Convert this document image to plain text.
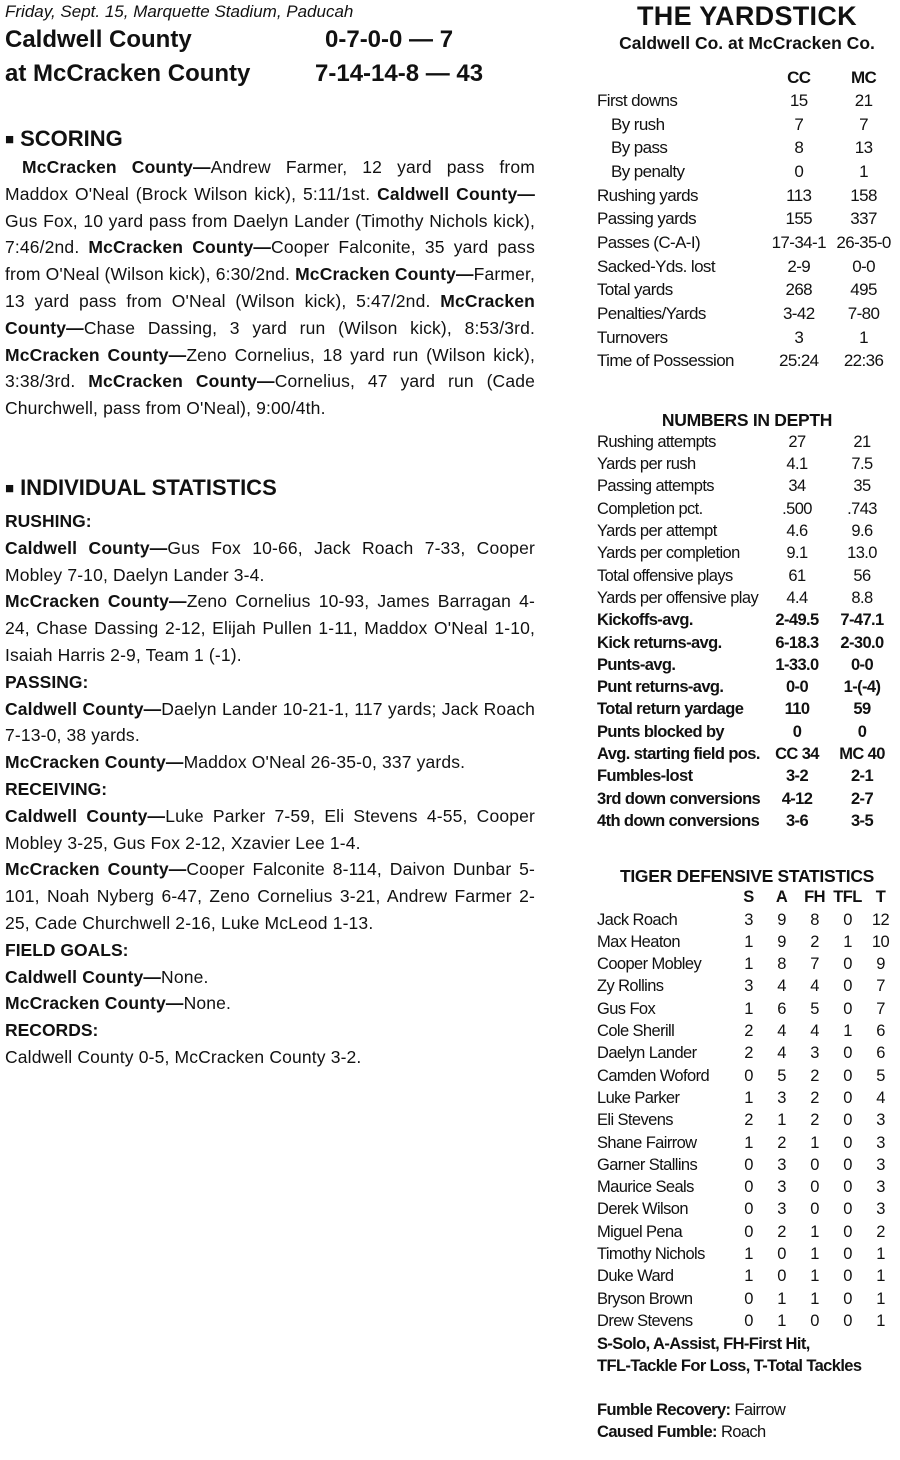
Friday, Sept. 15, Marquette Stadium, Paducah
Caldwell County	0-7-0-0 — 7
at McCracken County	7-14-14-8 — 43
■ SCORING
McCracken County—Andrew Farmer, 12 yard pass from Maddox O'Neal (Brock Wilson kick), 5:11/1st. Caldwell County—Gus Fox, 10 yard pass from Daelyn Lander (Timothy Nichols kick), 7:46/2nd. McCracken County—Cooper Falconite, 35 yard pass from O'Neal (Wilson kick), 6:30/2nd. McCracken County—Farmer, 13 yard pass from O'Neal (Wilson kick), 5:47/2nd. McCracken County—Chase Dassing, 3 yard run (Wilson kick), 8:53/3rd. McCracken County—Zeno Cornelius, 18 yard run (Wilson kick), 3:38/3rd. McCracken County—Cornelius, 47 yard run (Cade Churchwell, pass from O'Neal), 9:00/4th.
■ INDIVIDUAL STATISTICS
RUSHING:
Caldwell County—Gus Fox 10-66, Jack Roach 7-33, Cooper Mobley 7-10, Daelyn Lander 3-4.
McCracken County—Zeno Cornelius 10-93, James Barragan 4-24, Chase Dassing 2-12, Elijah Pullen 1-11, Maddox O'Neal 1-10, Isaiah Harris 2-9, Team 1 (-1).
PASSING:
Caldwell County—Daelyn Lander 10-21-1, 117 yards; Jack Roach 7-13-0, 38 yards.
McCracken County—Maddox O'Neal 26-35-0, 337 yards.
RECEIVING:
Caldwell County—Luke Parker 7-59, Eli Stevens 4-55, Cooper Mobley 3-25, Gus Fox 2-12, Xzavier Lee 1-4.
McCracken County—Cooper Falconite 8-114, Daivon Dunbar 5-101, Noah Nyberg 6-47, Zeno Cornelius 3-21, Andrew Farmer 2-25, Cade Churchwell 2-16, Luke McLeod 1-13.
FIELD GOALS:
Caldwell County—None.
McCracken County—None.
RECORDS:
Caldwell County 0-5, McCracken County 3-2.
THE YARDSTICK
Caldwell Co. at McCracken Co.
	CC	MC
First downs	15	21
By rush	7	7
By pass	8	13
By penalty	0	1
Rushing yards	113	158
Passing yards	155	337
Passes (C-A-I)	17-34-1	26-35-0
Sacked-Yds. lost	2-9	0-0
Total yards	268	495
Penalties/Yards	3-42	7-80
Turnovers	3	1
Time of Possession	25:24	22:36
NUMBERS IN DEPTH
Rushing attempts	27	21
Yards per rush	4.1	7.5
Passing attempts	34	35
Completion pct.	.500	.743
Yards per attempt	4.6	9.6
Yards per completion	9.1	13.0
Total offensive plays	61	56
Yards per offensive play	4.4	8.8
Kickoffs-avg.	2-49.5	7-47.1
Kick returns-avg.	6-18.3	2-30.0
Punts-avg.	1-33.0	0-0
Punt returns-avg.	0-0	1-(-4)
Total return yardage	110	59
Punts blocked by	0	0
Avg. starting field pos.	CC 34	MC 40
Fumbles-lost	3-2	2-1
3rd down conversions	4-12	2-7
4th down conversions	3-6	3-5
TIGER DEFENSIVE STATISTICS
	S	A	FH	TFL	T
Jack Roach	3	9	8	0	12
Max Heaton	1	9	2	1	10
Cooper Mobley	1	8	7	0	9
Zy Rollins	3	4	4	0	7
Gus Fox	1	6	5	0	7
Cole Sherill	2	4	4	1	6
Daelyn Lander	2	4	3	0	6
Camden Woford	0	5	2	0	5
Luke Parker	1	3	2	0	4
Eli Stevens	2	1	2	0	3
Shane Fairrow	1	2	1	0	3
Garner Stallins	0	3	0	0	3
Maurice Seals	0	3	0	0	3
Derek Wilson	0	3	0	0	3
Miguel Pena	0	2	1	0	2
Timothy Nichols	1	0	1	0	1
Duke Ward	1	0	1	0	1
Bryson Brown	0	1	1	0	1
Drew Stevens	0	1	0	0	1
S-Solo, A-Assist, FH-First Hit,
TFL-Tackle For Loss, T-Total Tackles
Fumble Recovery: Fairrow
Caused Fumble: Roach
